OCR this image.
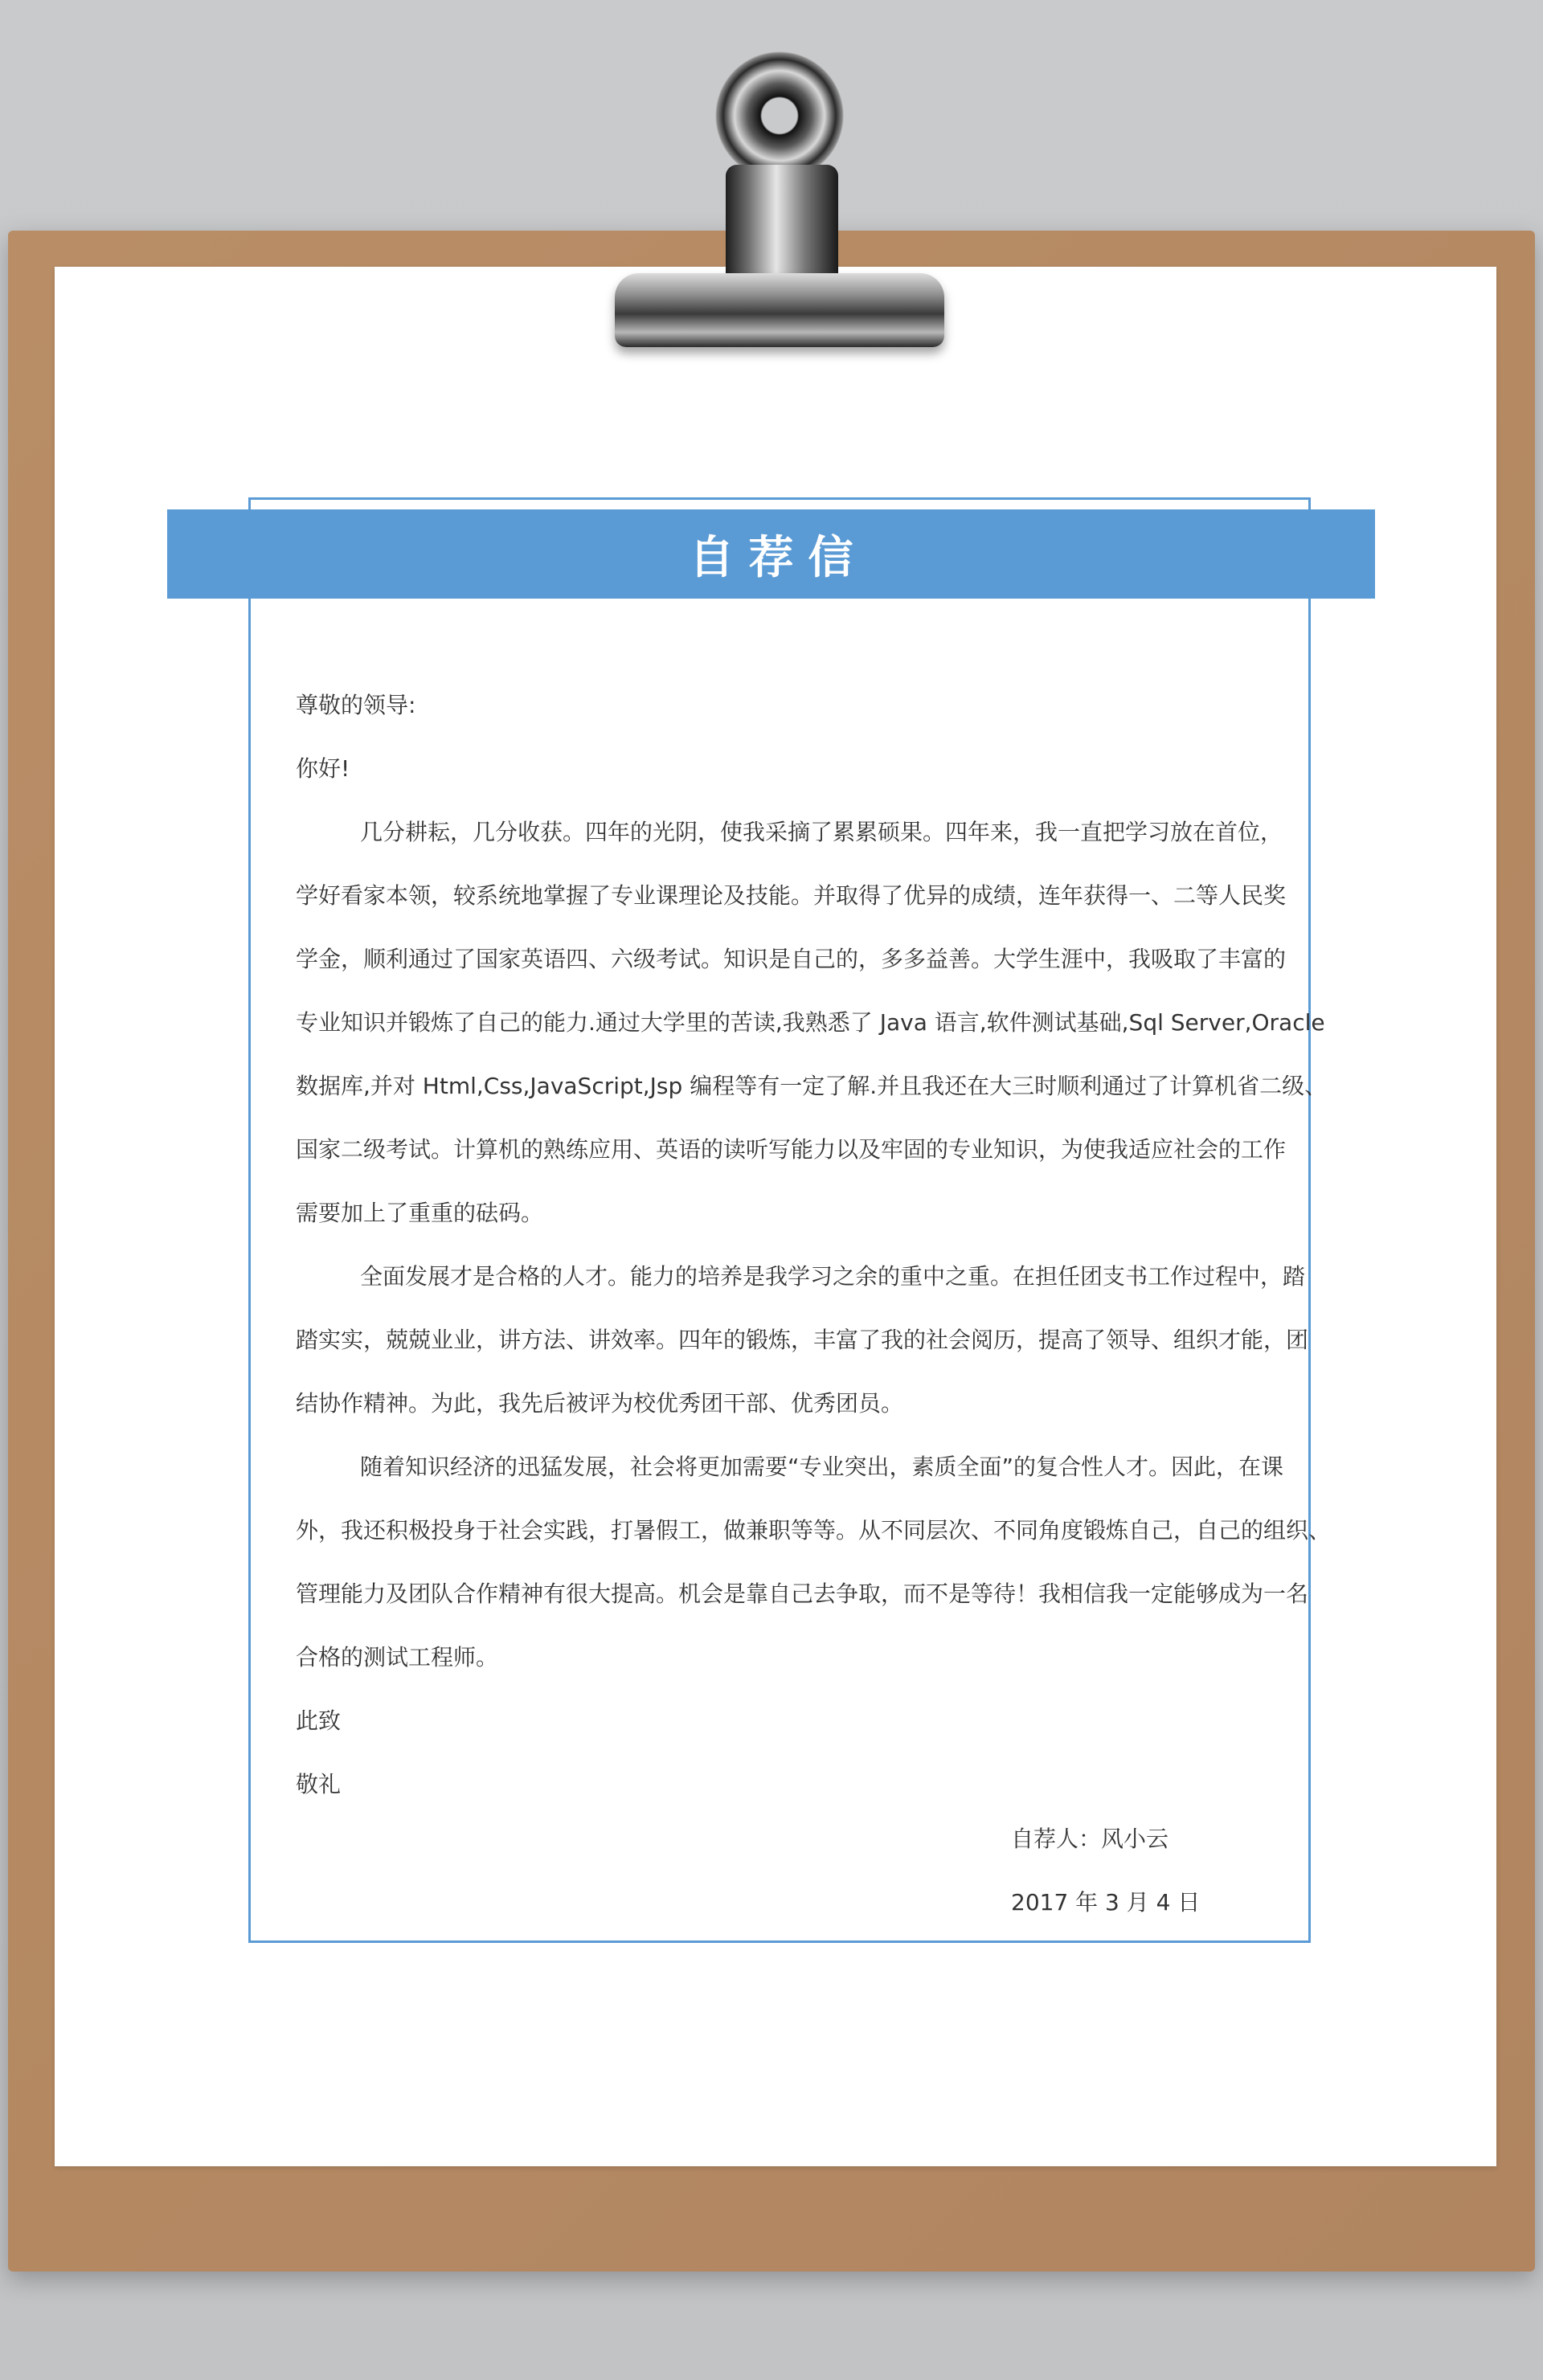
自荐信
尊敬的领导:
你好!
几分耕耘，几分收获。四年的光阴，使我采摘了累累硕果。四年来，我一直把学习放在首位，
学好看家本领，较系统地掌握了专业课理论及技能。并取得了优异的成绩，连年获得一、二等人民奖
学金，顺利通过了国家英语四、六级考试。知识是自己的，多多益善。大学生涯中，我吸取了丰富的
专业知识并锻炼了自己的能力.通过大学里的苦读,我熟悉了 Java 语言,软件测试基础,Sql Server,Oracle
数据库,并对 Html,Css,JavaScript,Jsp 编程等有一定了解.并且我还在大三时顺利通过了计算机省二级、
国家二级考试。计算机的熟练应用、英语的读听写能力以及牢固的专业知识，为使我适应社会的工作
需要加上了重重的砝码。
全面发展才是合格的人才。能力的培养是我学习之余的重中之重。在担任团支书工作过程中，踏
踏实实，兢兢业业，讲方法、讲效率。四年的锻炼，丰富了我的社会阅历，提高了领导、组织才能，团
结协作精神。为此，我先后被评为校优秀团干部、优秀团员。
随着知识经济的迅猛发展，社会将更加需要“专业突出，素质全面”的复合性人才。因此，在课
外，我还积极投身于社会实践，打暑假工，做兼职等等。从不同层次、不同角度锻炼自己，自己的组织、
管理能力及团队合作精神有很大提高。机会是靠自己去争取，而不是等待！我相信我一定能够成为一名
合格的测试工程师。
此致
敬礼
自荐人：风小云
2017 年 3 月 4 日
